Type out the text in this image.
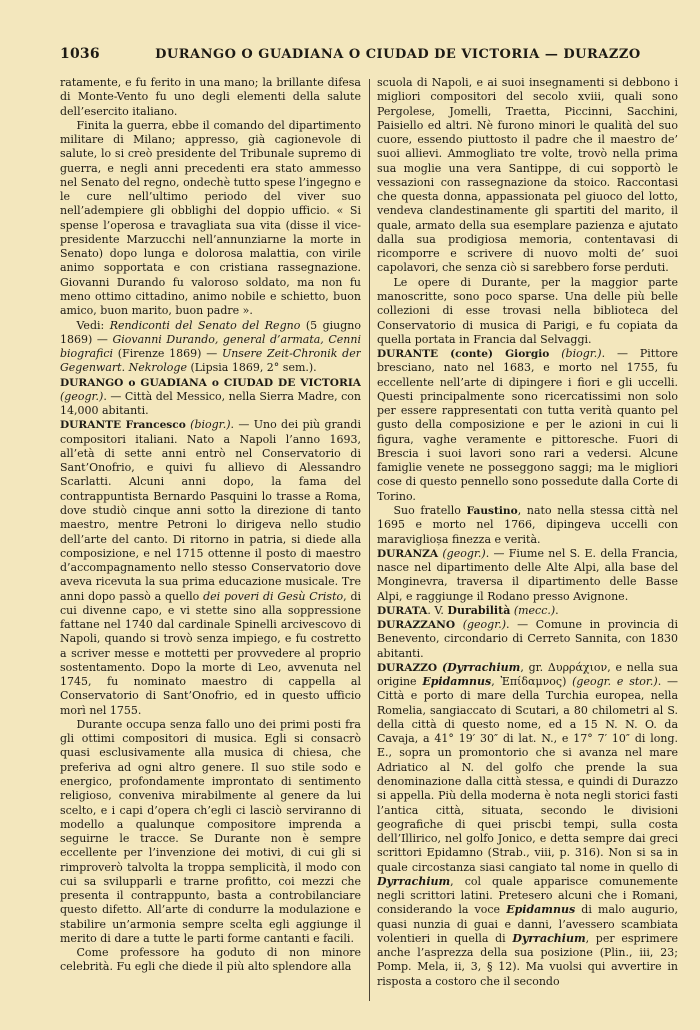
1036	DURANGO O GUADIANA O CIUDAD DE VICTORIA — DURAZZO

ratamente, e fu ferito in una mano; la brillante difesa di Monte-Vento fu uno degli elementi della salute dell’esercito italiano.

Finita la guerra, ebbe il comando del dipartimento militare di Milano; appresso, già cagionevole di salute, lo si creò presidente del Tribunale supremo di guerra, e negli anni precedenti era stato ammesso nel Senato del regno, ondechè tutto spese l’ingegno e le cure nell’ultimo periodo del viver suo nell’adempiere gli obblighi del doppio ufficio. « Si spense l’operosa e travagliata sua vita (disse il vice-presidente Marzucchi nell’annunziarne la morte in Senato) dopo lunga e dolorosa malattia, con virile animo sopportata e con cristiana rassegnazione. Giovanni Durando fu valoroso soldato, ma non fu meno ottimo cittadino, animo nobile e schietto, buon amico, buon marito, buon padre ».

Vedi: Rendiconti del Senato del Regno (5 giugno 1869) — Giovanni Durando, general d’armata, Cenni biografici (Firenze 1869) — Unsere Zeit-Chronik der Gegenwart. Nekrologe (Lipsia 1869, 2° sem.).

DURANGO o GUADIANA o CIUDAD DE VICTORIA (geogr.). — Città del Messico, nella Sierra Madre, con 14,000 abitanti.

DURANTE Francesco (biogr.). — Uno dei più grandi compositori italiani. Nato a Napoli l’anno 1693, all’età di sette anni entrò nel Conservatorio di Sant’Onofrio, e quivi fu allievo di Alessandro Scarlatti. Alcuni anni dopo, la fama del contrappuntista Bernardo Pasquini lo trasse a Roma, dove studiò cinque anni sotto la direzione di tanto maestro, mentre Petroni lo dirigeva nello studio dell’arte del canto. Di ritorno in patria, si diede alla composizione, e nel 1715 ottenne il posto di maestro d’accompagnamento nello stesso Conservatorio dove aveva ricevuta la sua prima educazione musicale. Tre anni dopo passò a quello dei poveri di Gesù Cristo, di cui divenne capo, e vi stette sino alla soppressione fattane nel 1740 dal cardinale Spinelli arcivescovo di Napoli, quando si trovò senza impiego, e fu costretto a scriver messe e mottetti per provvedere al proprio sostentamento. Dopo la morte di Leo, avvenuta nel 1745, fu nominato maestro di cappella al Conservatorio di Sant’Onofrio, ed in questo ufficio morì nel 1755.

Durante occupa senza fallo uno dei primi posti fra gli ottimi compositori di musica. Egli si consacrò quasi esclusivamente alla musica di chiesa, che preferiva ad ogni altro genere. Il suo stile sodo e energico, profondamente improntato di sentimento religioso, conveniva mirabilmente al genere da lui scelto, e i capi d’opera ch’egli ci lasciò serviranno di modello a qualunque compositore imprenda a seguirne le tracce. Se Durante non è sempre eccellente per l’invenzione dei motivi, di cui gli si rimproverò talvolta la troppa semplicità, il modo con cui sa svilupparli e trarne profitto, coi mezzi che presenta il contrappunto, basta a controbilanciare questo difetto. All’arte di condurre la modulazione e stabilire un’armonia sempre scelta egli aggiunge il merito di dare a tutte le parti forme cantanti e facili.

Come professore ha goduto di non minore celebrità. Fu egli che diede il più alto splendore alla

scuola di Napoli, e ai suoi insegnamenti si debbono i migliori compositori del secolo xviii, quali sono Pergolese, Jomelli, Traetta, Piccinni, Sacchini, Paisiello ed altri. Nè furono minori le qualità del suo cuore, essendo piuttosto il padre che il maestro de’ suoi allievi. Ammogliato tre volte, trovò nella prima sua moglie una vera Santippe, di cui sopportò le vessazioni con rassegnazione da stoico. Raccontasi che questa donna, appassionata pel giuoco del lotto, vendeva clandestinamente gli spartiti del marito, il quale, armato della sua esemplare pazienza e ajutato dalla sua prodigiosa memoria, contentavasi di ricomporre e scrivere di nuovo molti de’ suoi capolavori, che senza ciò si sarebbero forse perduti.

Le opere di Durante, per la maggior parte manoscritte, sono poco sparse. Una delle più belle collezioni di esse trovasi nella biblioteca del Conservatorio di musica di Parigi, e fu copiata da quella portata in Francia dal Selvaggi.

DURANTE (conte) Giorgio (biogr.). — Pittore bresciano, nato nel 1683, e morto nel 1755, fu eccellente nell’arte di dipingere i fiori e gli uccelli. Questi principalmente sono ricercatissimi non solo per essere rappresentati con tutta verità quanto pel gusto della composizione e per le azioni in cui li figura, vaghe veramente e pittoresche. Fuori di Brescia i suoi lavori sono rari a vedersi. Alcune famiglie venete ne posseggono saggi; ma le migliori cose di questo pennello sono possedute dalla Corte di Torino.

Suo fratello Faustino, nato nella stessa città nel 1695 e morto nel 1766, dipingeva uccelli con maraviglioșa finezza e verità.

DURANZA (geogr.). — Fiume nel S. E. della Francia, nasce nel dipartimento delle Alte Alpi, alla base del Monginevra, traversa il dipartimento delle Basse Alpi, e raggiunge il Rodano presso Avignone.

DURATA. V. Durabilità (mecc.).

DURAZZANO (geogr.). — Comune in provincia di Benevento, circondario di Cerreto Sannita, con 1830 abitanti.

DURAZZO (Dyrrachium, gr. Δυρράχιον, e nella sua origine Epidamnus, Ἐπίδαμνος) (geogr. e stor.). — Città e porto di mare della Turchia europea, nella Romelia, sangiaccato di Scutari, a 80 chilometri al S. della città di questo nome, ed a 15 N. N. O. da Cavaja, a 41° 19′ 30″ di lat. N., e 17° 7′ 10″ di long. E., sopra un promontorio che si avanza nel mare Adriatico al N. del golfo che prende la sua denominazione dalla città stessa, e quindi di Durazzo si appella. Più della moderna è nota negli storici fasti l’antica città, situata, secondo le divisioni geografiche di quei priscbi tempi, sulla costa dell’Illirico, nel golfo Jonico, e detta sempre dai greci scrittori Epidamno (Strab., viii, p. 316). Non si sa in quale circostanza siasi cangiato tal nome in quello di Dyrrachium, col quale apparisce comunemente negli scrittori latini. Pretesero alcuni che i Romani, considerando la voce Epidamnus di malo augurio, quasi nunzia di guai e danni, l’avessero scambiata volentieri in quella di Dyrrachium, per esprimere anche l’asprezza della sua posizione (Plin., iii, 23; Pomp. Mela, ii, 3, § 12). Ma vuolsi qui avvertire in risposta a costoro che il secondo
